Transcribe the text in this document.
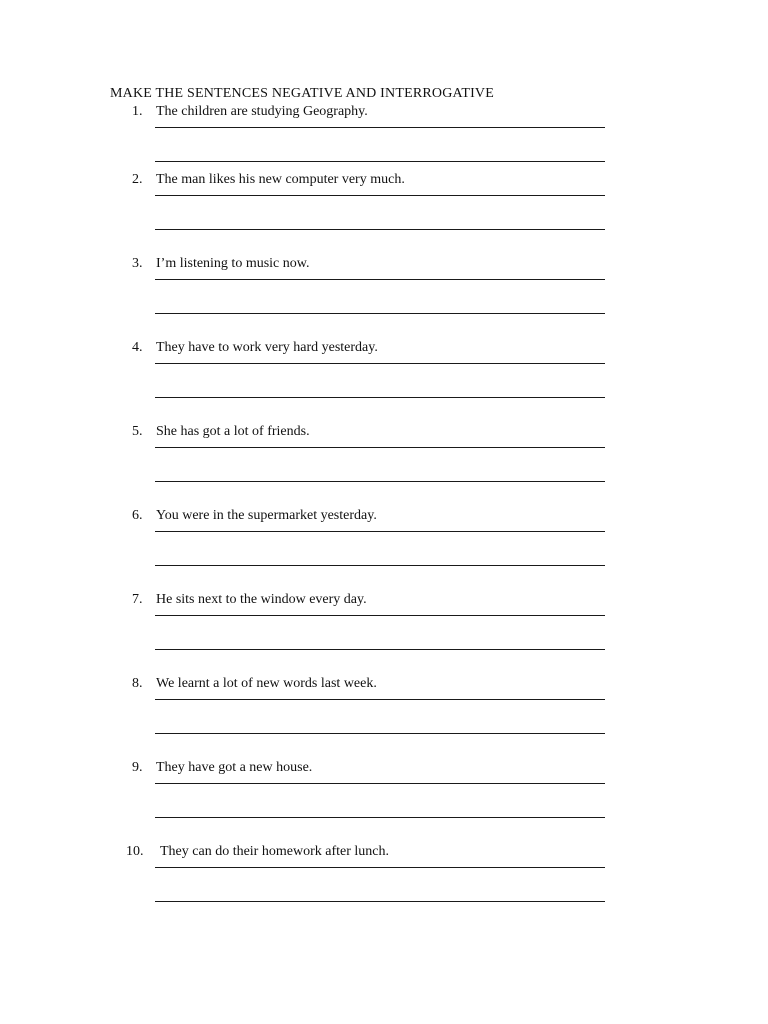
MAKE THE SENTENCES NEGATIVE AND INTERROGATIVE
1. The children are studying Geography.
2. The man likes his new computer very much.
3. I’m listening to music now.
4. They have to work very hard yesterday.
5. She has got a lot of friends.
6. You were in the supermarket yesterday.
7. He sits next to the window every day.
8. We learnt a lot of new words last week.
9. They have got a new house.
10. They can do their homework after lunch.
